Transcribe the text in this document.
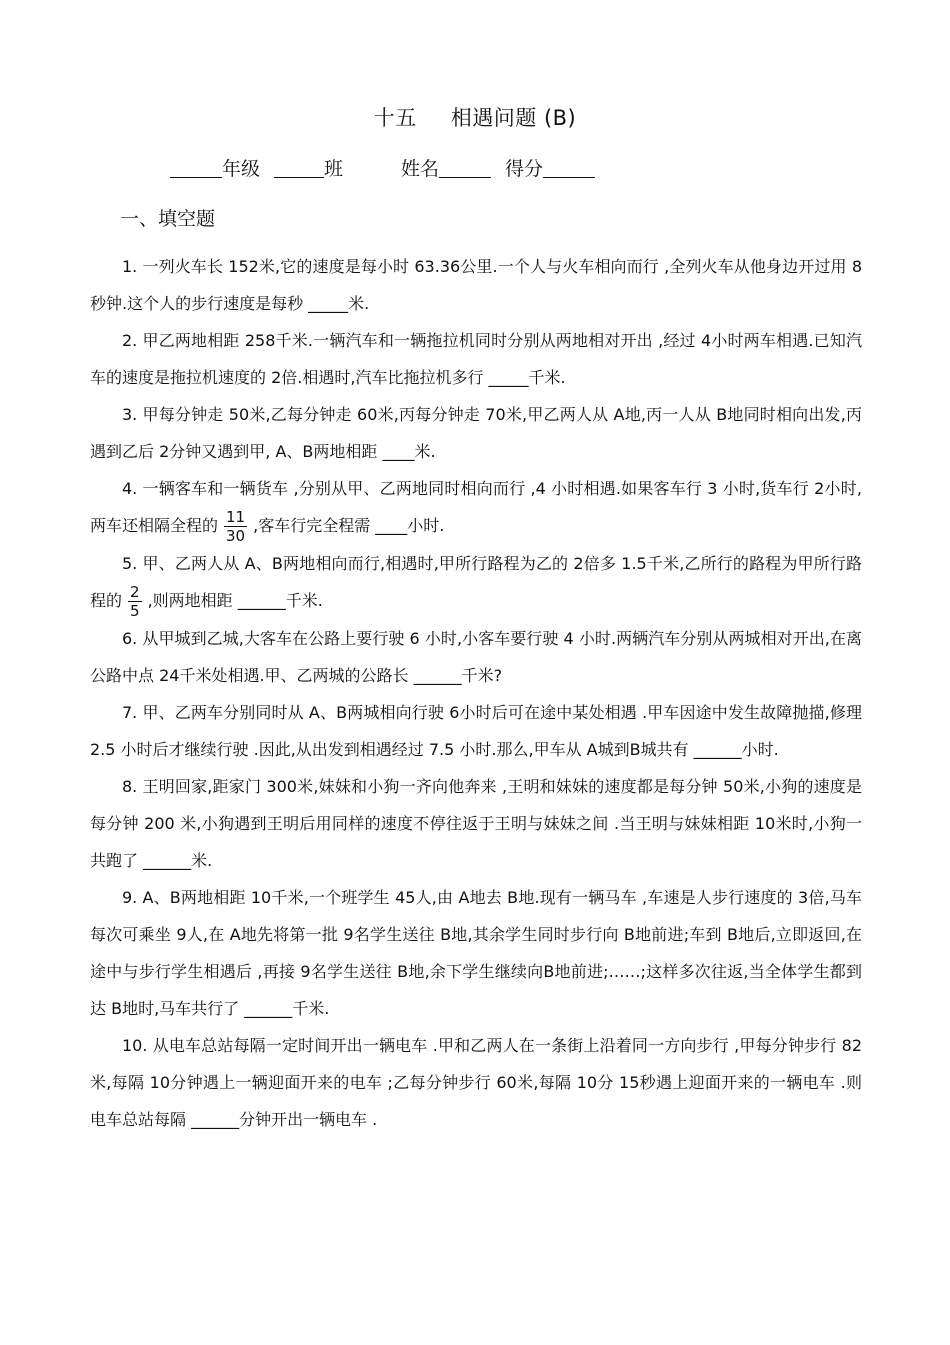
十五 相遇问题 (B)
年级	班	姓名	得分
一、填空题

1. 一列火车长 152米,它的速度是每小时 63.36公里.一个人与火车相向而行 ,全列火车从他身边开过用 8秒钟.这个人的步行速度是每秒 _____米.

2. 甲乙两地相距 258千米.一辆汽车和一辆拖拉机同时分别从两地相对开出 ,经过 4小时两车相遇.已知汽车的速度是拖拉机速度的 2倍.相遇时,汽车比拖拉机多行 _____千米.

3. 甲每分钟走 50米,乙每分钟走 60米,丙每分钟走 70米,甲乙两人从 A地,丙一人从 B地同时相向出发,丙遇到乙后 2分钟又遇到甲, A、B两地相距 ____米.

4. 一辆客车和一辆货车 ,分别从甲、乙两地同时相向而行 ,4 小时相遇.如果客车行 3 小时,货车行 2小时,两车还相隔全程的 $\frac{11}{30}$ ,客车行完全程需 ____小时.

5. 甲、乙两人从 A、B两地相向而行,相遇时,甲所行路程为乙的 2倍多 1.5千米,乙所行的路程为甲所行路程的 $\frac{2}{5}$ ,则两地相距 ______千米.

6. 从甲城到乙城,大客车在公路上要行驶 6 小时,小客车要行驶 4 小时.两辆汽车分别从两城相对开出,在离公路中点 24千米处相遇.甲、乙两城的公路长 ______千米?

7. 甲、乙两车分别同时从 A、B两城相向行驶 6小时后可在途中某处相遇 .甲车因途中发生故障抛描,修理 2.5 小时后才继续行驶 .因此,从出发到相遇经过 7.5 小时.那么,甲车从 A城到B城共有 ______小时.

8. 王明回家,距家门 300米,妹妹和小狗一齐向他奔来 ,王明和妹妹的速度都是每分钟 50米,小狗的速度是每分钟 200 米,小狗遇到王明后用同样的速度不停往返于王明与妹妹之间 .当王明与妹妹相距 10米时,小狗一共跑了 ______米.

9. A、B两地相距 10千米,一个班学生 45人,由 A地去 B地.现有一辆马车 ,车速是人步行速度的 3倍,马车每次可乘坐 9人,在 A地先将第一批 9名学生送往 B地,其余学生同时步行向 B地前进;车到 B地后,立即返回,在途中与步行学生相遇后 ,再接 9名学生送往 B地,余下学生继续向B地前进;……;这样多次往返,当全体学生都到达 B地时,马车共行了 ______千米.

10. 从电车总站每隔一定时间开出一辆电车 .甲和乙两人在一条街上沿着同一方向步行 ,甲每分钟步行 82米,每隔 10分钟遇上一辆迎面开来的电车 ;乙每分钟步行 60米,每隔 10分 15秒遇上迎面开来的一辆电车 .则电车总站每隔 ______分钟开出一辆电车 .
